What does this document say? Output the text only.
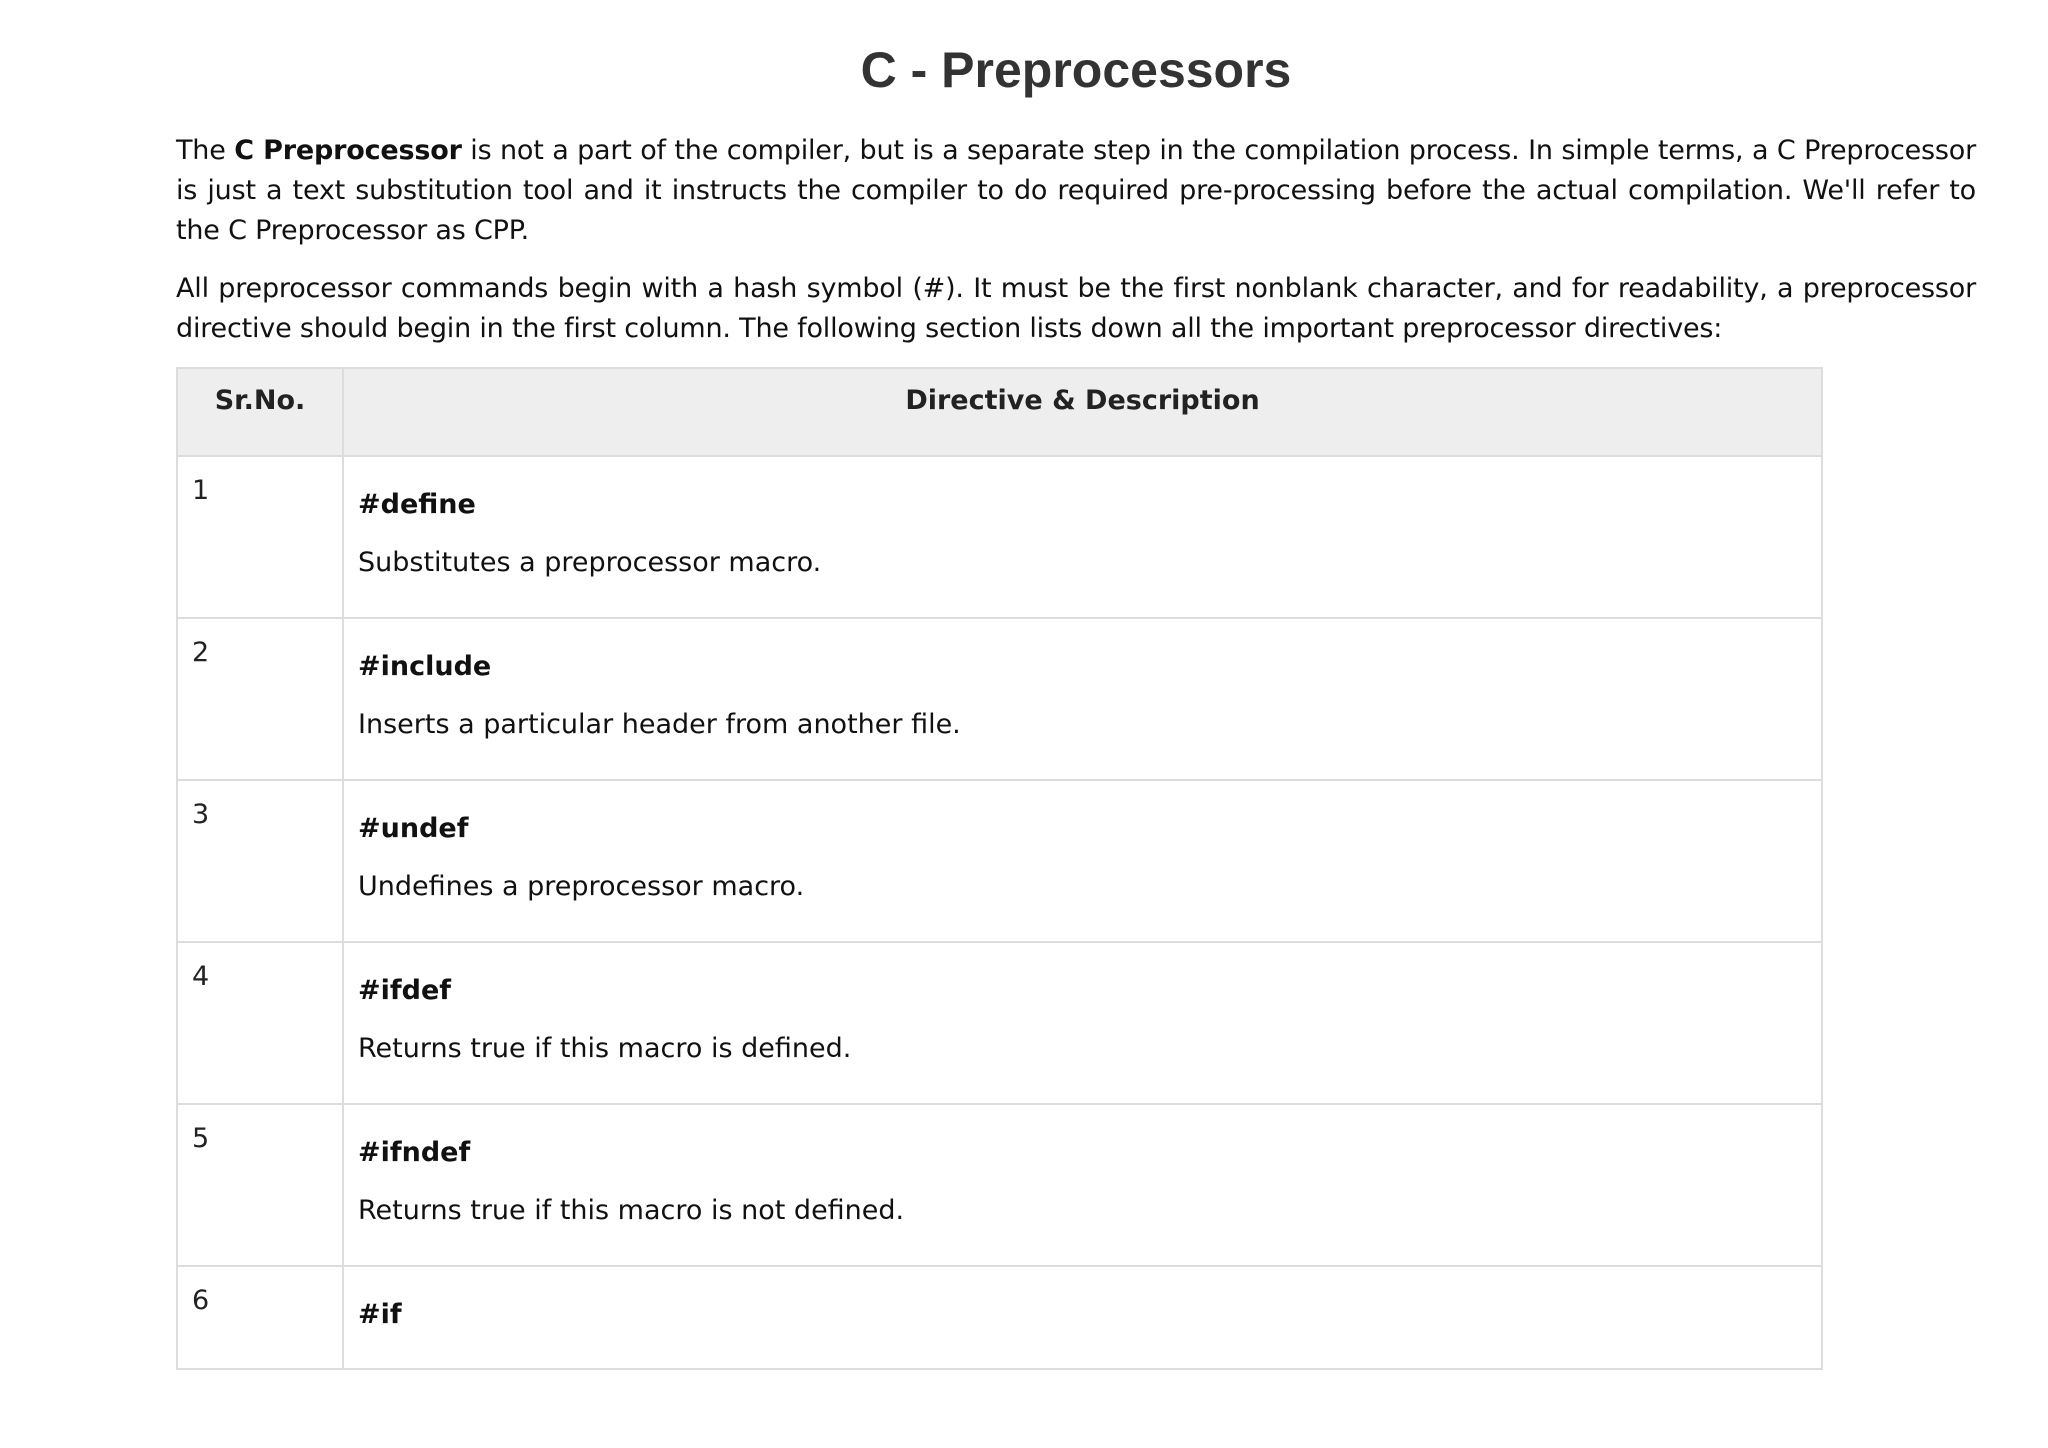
C - Preprocessors

The C Preprocessor is not a part of the compiler, but is a separate step in the compilation process. In simple terms, a C Preprocessor is just a text substitution tool and it instructs the compiler to do required pre-processing before the actual compilation. We'll refer to the C Preprocessor as CPP.

All preprocessor commands begin with a hash symbol (#). It must be the first nonblank character, and for readability, a preprocessor directive should begin in the first column. The following section lists down all the important preprocessor directives:

Sr.No.	Directive & Description
1	#define

Substitutes a preprocessor macro.

2	#include

Inserts a particular header from another file.

3	#undef

Undefines a preprocessor macro.

4	#ifdef

Returns true if this macro is defined.

5	#ifndef

Returns true if this macro is not defined.

6	#if
